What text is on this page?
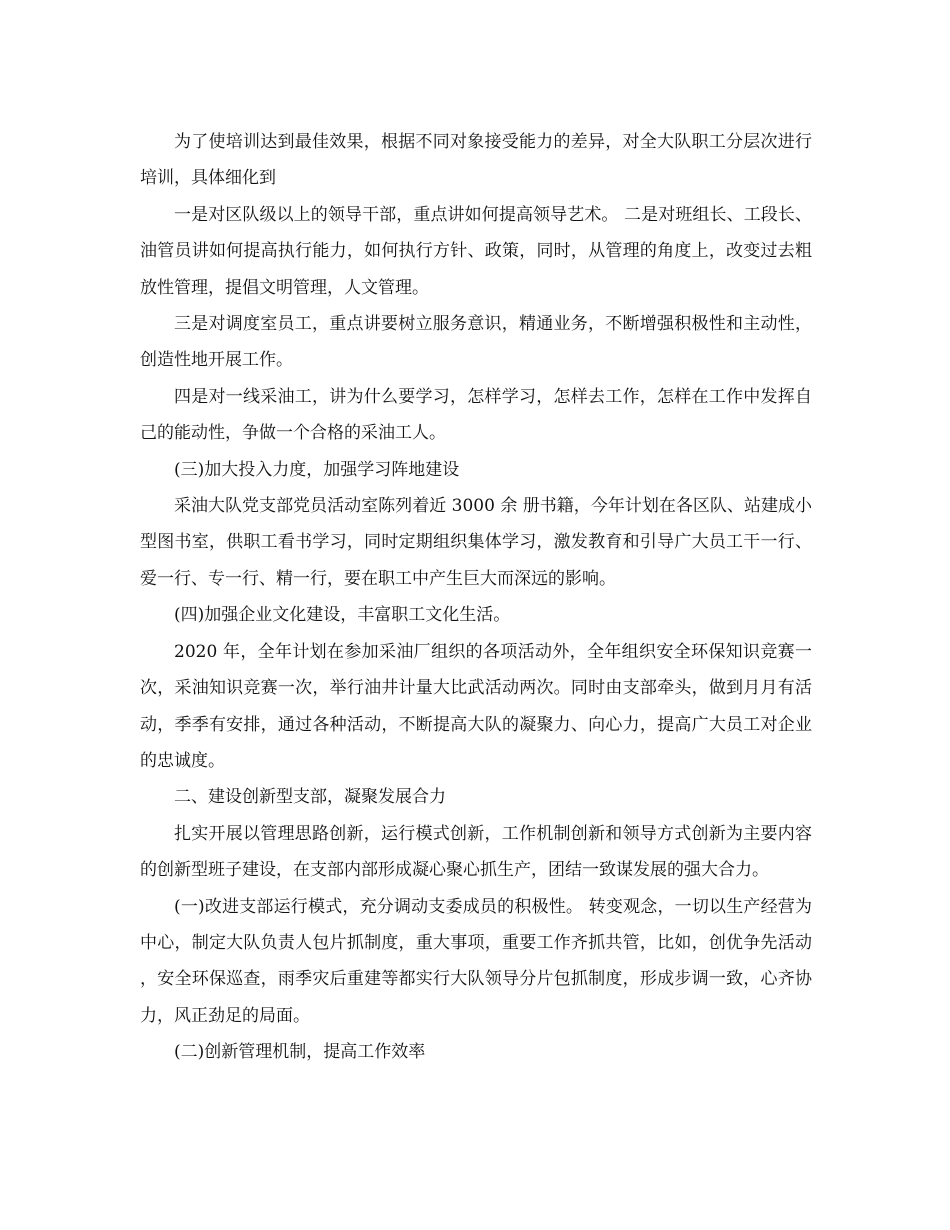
为了使培训达到最佳效果，根据不同对象接受能力的差异，对全大队职工分层次进行培训，具体细化到

一是对区队级以上的领导干部，重点讲如何提高领导艺术。 二是对班组长、工段长、油管员讲如何提高执行能力，如何执行方针、政策，同时，从管理的角度上，改变过去粗放性管理，提倡文明管理，人文管理。

三是对调度室员工，重点讲要树立服务意识，精通业务，不断增强积极性和主动性，创造性地开展工作。

四是对一线采油工，讲为什么要学习，怎样学习，怎样去工作，怎样在工作中发挥自己的能动性，争做一个合格的采油工人。

(三)加大投入力度，加强学习阵地建设

采油大队党支部党员活动室陈列着近 3000 余 册书籍，今年计划在各区队、站建成小型图书室，供职工看书学习，同时定期组织集体学习，激发教育和引导广大员工干一行、爱一行、专一行、精一行，要在职工中产生巨大而深远的影响。

(四)加强企业文化建设，丰富职工文化生活。

2020 年，全年计划在参加采油厂组织的各项活动外，全年组织安全环保知识竞赛一次，采油知识竞赛一次，举行油井计量大比武活动两次。同时由支部牵头，做到月月有活动，季季有安排，通过各种活动，不断提高大队的凝聚力、向心力，提高广大员工对企业的忠诚度。

二、建设创新型支部，凝聚发展合力

扎实开展以管理思路创新，运行模式创新，工作机制创新和领导方式创新为主要内容的创新型班子建设，在支部内部形成凝心聚心抓生产，团结一致谋发展的强大合力。

(一)改进支部运行模式，充分调动支委成员的积极性。 转变观念，一切以生产经营为中心，制定大队负责人包片抓制度，重大事项，重要工作齐抓共管，比如，创优争先活动，安全环保巡查，雨季灾后重建等都实行大队领导分片包抓制度，形成步调一致，心齐协力，风正劲足的局面。

(二)创新管理机制，提高工作效率
